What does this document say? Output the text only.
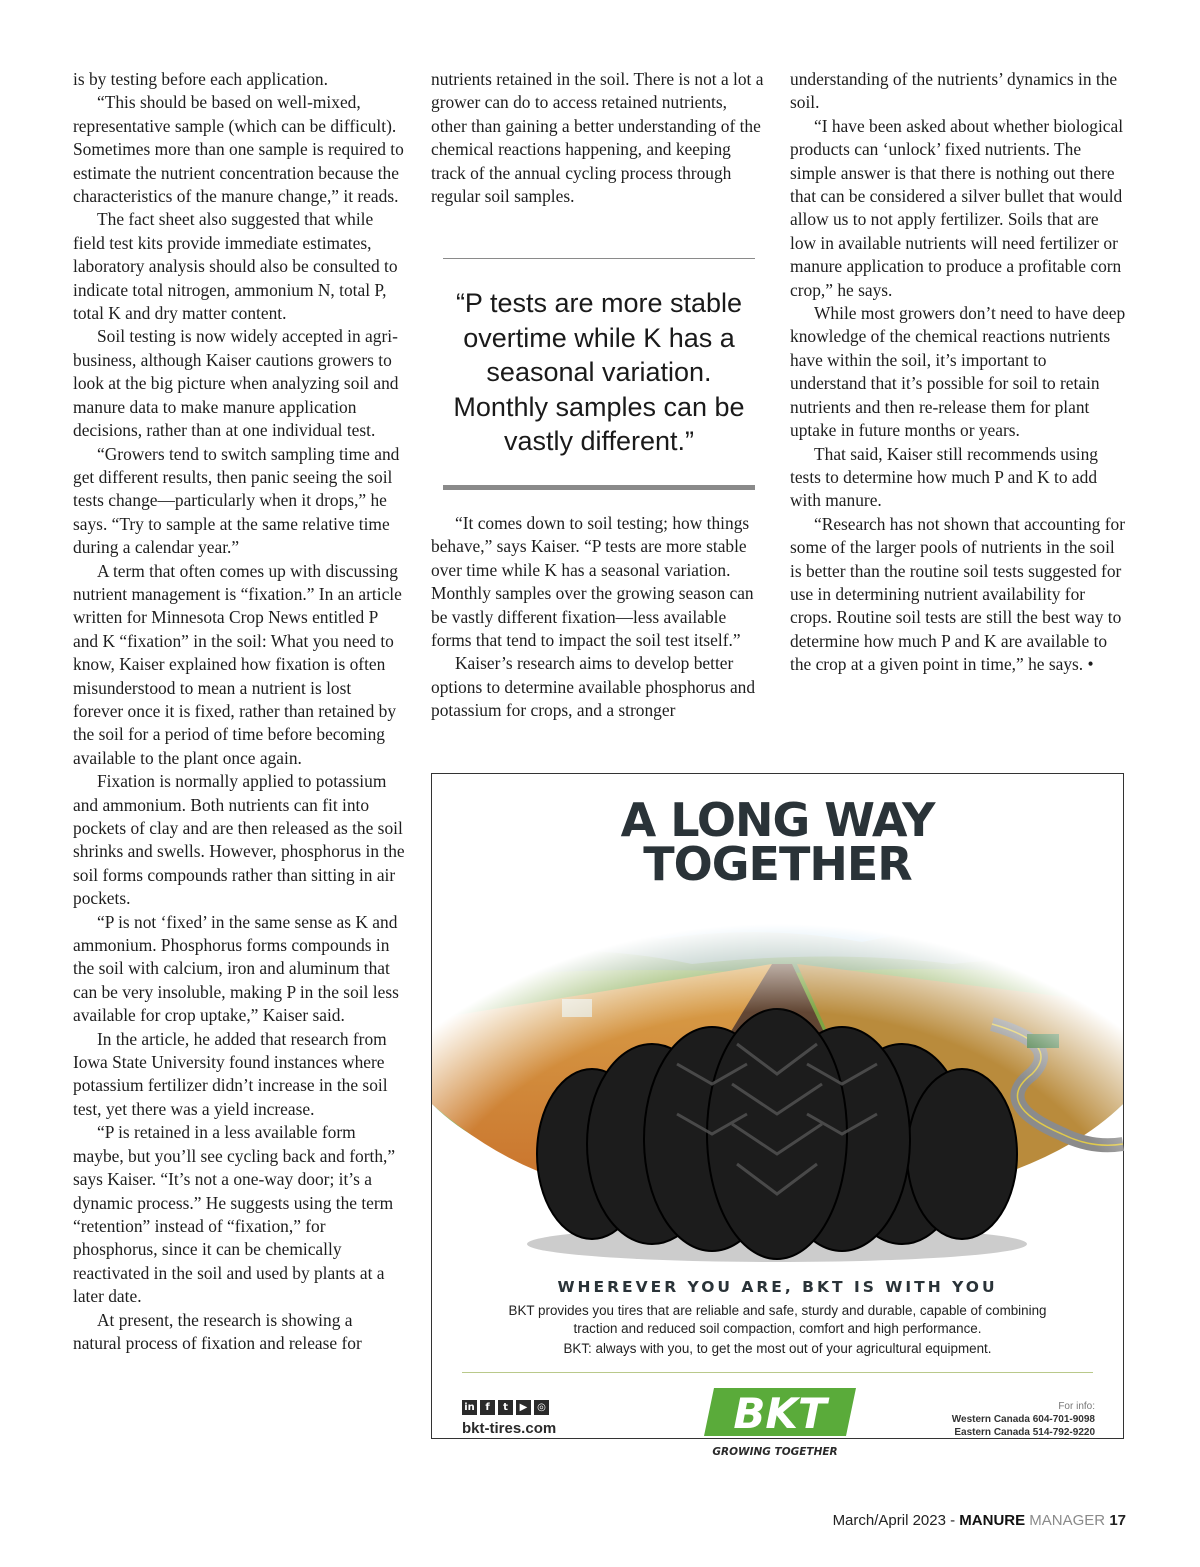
is by testing before each application.

“This should be based on well-mixed, representative sample (which can be difficult). Sometimes more than one sample is required to estimate the nutrient concentration because the characteristics of the manure change,” it reads.

The fact sheet also suggested that while field test kits provide immediate estimates, laboratory analysis should also be consulted to indicate total nitrogen, ammonium N, total P, total K and dry matter content.

Soil testing is now widely accepted in agri-business, although Kaiser cautions growers to look at the big picture when analyzing soil and manure data to make manure application decisions, rather than at one individual test.

“Growers tend to switch sampling time and get different results, then panic seeing the soil tests change—particularly when it drops,” he says. “Try to sample at the same relative time during a calendar year.”

A term that often comes up with discussing nutrient management is “fixation.” In an article written for Minnesota Crop News entitled P and K “fixation” in the soil: What you need to know, Kaiser explained how fixation is often misunderstood to mean a nutrient is lost forever once it is fixed, rather than retained by the soil for a period of time before becoming available to the plant once again.

Fixation is normally applied to potassium and ammonium. Both nutrients can fit into pockets of clay and are then released as the soil shrinks and swells. However, phosphorus in the soil forms compounds rather than sitting in air pockets.

“P is not ‘fixed’ in the same sense as K and ammonium. Phosphorus forms compounds in the soil with calcium, iron and aluminum that can be very insoluble, making P in the soil less available for crop uptake,” Kaiser said.

In the article, he added that research from Iowa State University found instances where potassium fertilizer didn’t increase in the soil test, yet there was a yield increase.

“P is retained in a less available form maybe, but you’ll see cycling back and forth,” says Kaiser. “It’s not a one-way door; it’s a dynamic process.” He suggests using the term “retention” instead of “fixation,” for phosphorus, since it can be chemically reactivated in the soil and used by plants at a later date.

At present, the research is showing a natural process of fixation and release for

nutrients retained in the soil. There is not a lot a grower can do to access retained nutrients, other than gaining a better understanding of the chemical reactions happening, and keeping track of the annual cycling process through regular soil samples.

“P tests are more stable overtime while K has a seasonal variation. Monthly samples can be vastly different.”

“It comes down to soil testing; how things behave,” says Kaiser. “P tests are more stable over time while K has a seasonal variation. Monthly samples over the growing season can be vastly different fixation—less available forms that tend to impact the soil test itself.”

Kaiser’s research aims to develop better options to determine available phosphorus and potassium for crops, and a stronger

understanding of the nutrients’ dynamics in the soil.

“I have been asked about whether biological products can ‘unlock’ fixed nutrients. The simple answer is that there is nothing out there that can be considered a silver bullet that would allow us to not apply fertilizer. Soils that are low in available nutrients will need fertilizer or manure application to produce a profitable corn crop,” he says.

While most growers don’t need to have deep knowledge of the chemical reactions nutrients have within the soil, it’s important to understand that it’s possible for soil to retain nutrients and then re-release them for plant uptake in future months or years.

That said, Kaiser still recommends using tests to determine how much P and K to add with manure.

“Research has not shown that accounting for some of the larger pools of nutrients in the soil is better than the routine soil tests suggested for use in determining nutrient availability for crops. Routine soil tests are still the best way to determine how much P and K are available to the crop at a given point in time,” he says. •

A LONG WAY
TOGETHER
WHEREVER YOU ARE, BKT IS WITH YOU
BKT provides you tires that are reliable and safe, sturdy and durable, capable of combining traction and reduced soil compaction, comfort and high performance.
BKT: always with you, to get the most out of your agricultural equipment.
in	f	t	▶ ◎
bkt-tires.com	BKT
GROWING TOGETHER
For info:
Western Canada 604-701-9098
Eastern Canada 514-792-9220
March/April 2023 - MANURE MANAGER 17
